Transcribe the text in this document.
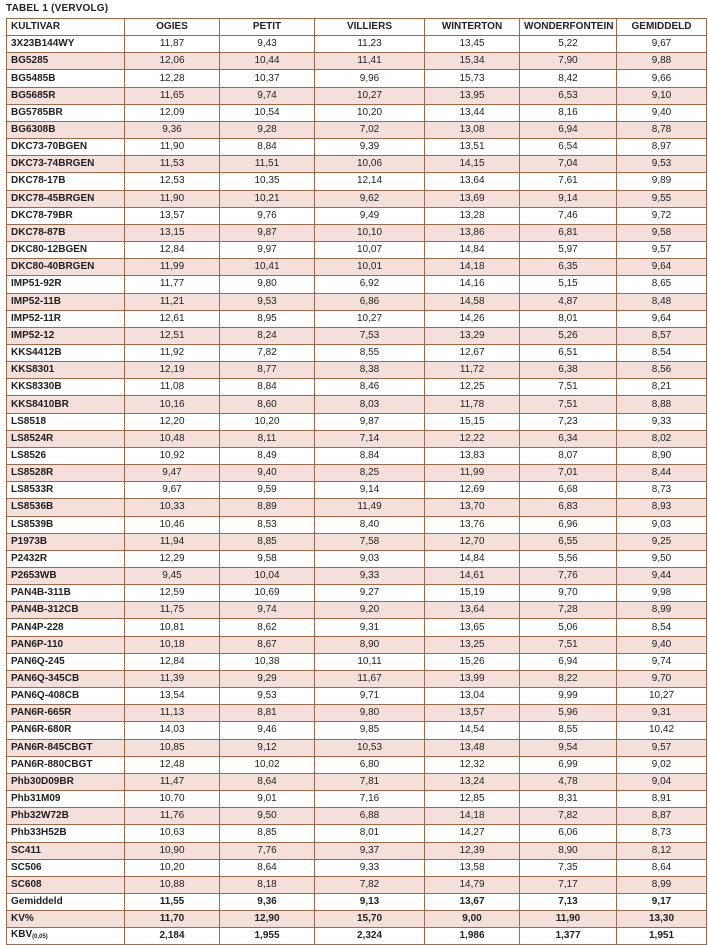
TABEL 1 (VERVOLG)
KULTIVAR	OGIES	PETIT	VILLIERS	WINTERTON	WONDERFONTEIN	GEMIDDELD
3X23B144WY	11,87	9,43	11,23	13,45	5,22	9,67
BG5285	12,06	10,44	11,41	15,34	7,90	9,88
BG5485B	12,28	10,37	9,96	15,73	8,42	9,66
BG5685R	11,65	9,74	10,27	13,95	6,53	9,10
BG5785BR	12,09	10,54	10,20	13,44	8,16	9,40
BG6308B	9,36	9,28	7,02	13,08	6,94	8,78
DKC73-70BGEN	11,90	8,84	9,39	13,51	6,54	8,97
DKC73-74BRGEN	11,53	11,51	10,06	14,15	7,04	9,53
DKC78-17B	12,53	10,35	12,14	13,64	7,61	9,89
DKC78-45BRGEN	11,90	10,21	9,62	13,69	9,14	9,55
DKC78-79BR	13,57	9,76	9,49	13,28	7,46	9,72
DKC78-87B	13,15	9,87	10,10	13,86	6,81	9,58
DKC80-12BGEN	12,84	9,97	10,07	14,84	5,97	9,57
DKC80-40BRGEN	11,99	10,41	10,01	14,18	6,35	9,64
IMP51-92R	11,77	9,80	6,92	14,16	5,15	8,65
IMP52-11B	11,21	9,53	6,86	14,58	4,87	8,48
IMP52-11R	12,61	8,95	10,27	14,26	8,01	9,64
IMP52-12	12,51	8,24	7,53	13,29	5,26	8,57
KKS4412B	11,92	7,82	8,55	12,67	6,51	8,54
KKS8301	12,19	8,77	8,38	11,72	6,38	8,56
KKS8330B	11,08	8,84	8,46	12,25	7,51	8,21
KKS8410BR	10,16	8,60	8,03	11,78	7,51	8,88
LS8518	12,20	10,20	9,87	15,15	7,23	9,33
LS8524R	10,48	8,11	7,14	12,22	6,34	8,02
LS8526	10,92	8,49	8,84	13,83	8,07	8,90
LS8528R	9,47	9,40	8,25	11,99	7,01	8,44
LS8533R	9,67	9,59	9,14	12,69	6,68	8,73
LS8536B	10,33	8,89	11,49	13,70	6,83	8,93
LS8539B	10,46	8,53	8,40	13,76	6,96	9,03
P1973B	11,94	8,85	7,58	12,70	6,55	9,25
P2432R	12,29	9,58	9,03	14,84	5,56	9,50
P2653WB	9,45	10,04	9,33	14,61	7,76	9,44
PAN4B-311B	12,59	10,69	9,27	15,19	9,70	9,98
PAN4B-312CB	11,75	9,74	9,20	13,64	7,28	8,99
PAN4P-228	10,81	8,62	9,31	13,65	5,06	8,54
PAN6P-110	10,18	8,67	8,90	13,25	7,51	9,40
PAN6Q-245	12,84	10,38	10,11	15,26	6,94	9,74
PAN6Q-345CB	11,39	9,29	11,67	13,99	8,22	9,70
PAN6Q-408CB	13,54	9,53	9,71	13,04	9,99	10,27
PAN6R-665R	11,13	8,81	9,80	13,57	5,96	9,31
PAN6R-680R	14,03	9,46	9,85	14,54	8,55	10,42
PAN6R-845CBGT	10,85	9,12	10,53	13,48	9,54	9,57
PAN6R-880CBGT	12,48	10,02	6,80	12,32	6,99	9,02
Phb30D09BR	11,47	8,64	7,81	13,24	4,78	9,04
Phb31M09	10,70	9,01	7,16	12,85	8,31	8,91
Phb32W72B	11,76	9,50	6,88	14,18	7,82	8,87
Phb33H52B	10,63	8,85	8,01	14,27	6,06	8,73
SC411	10,90	7,76	9,37	12,39	8,90	8,12
SC506	10,20	8,64	9,33	13,58	7,35	8,64
SC608	10,88	8,18	7,82	14,79	7,17	8,99
Gemiddeld	11,55	9,36	9,13	13,67	7,13	9,17
KV%	11,70	12,90	15,70	9,00	11,90	13,30
$KBV_{(0,05)}$	2,184	1,955	2,324	1,986	1,377	1,951
